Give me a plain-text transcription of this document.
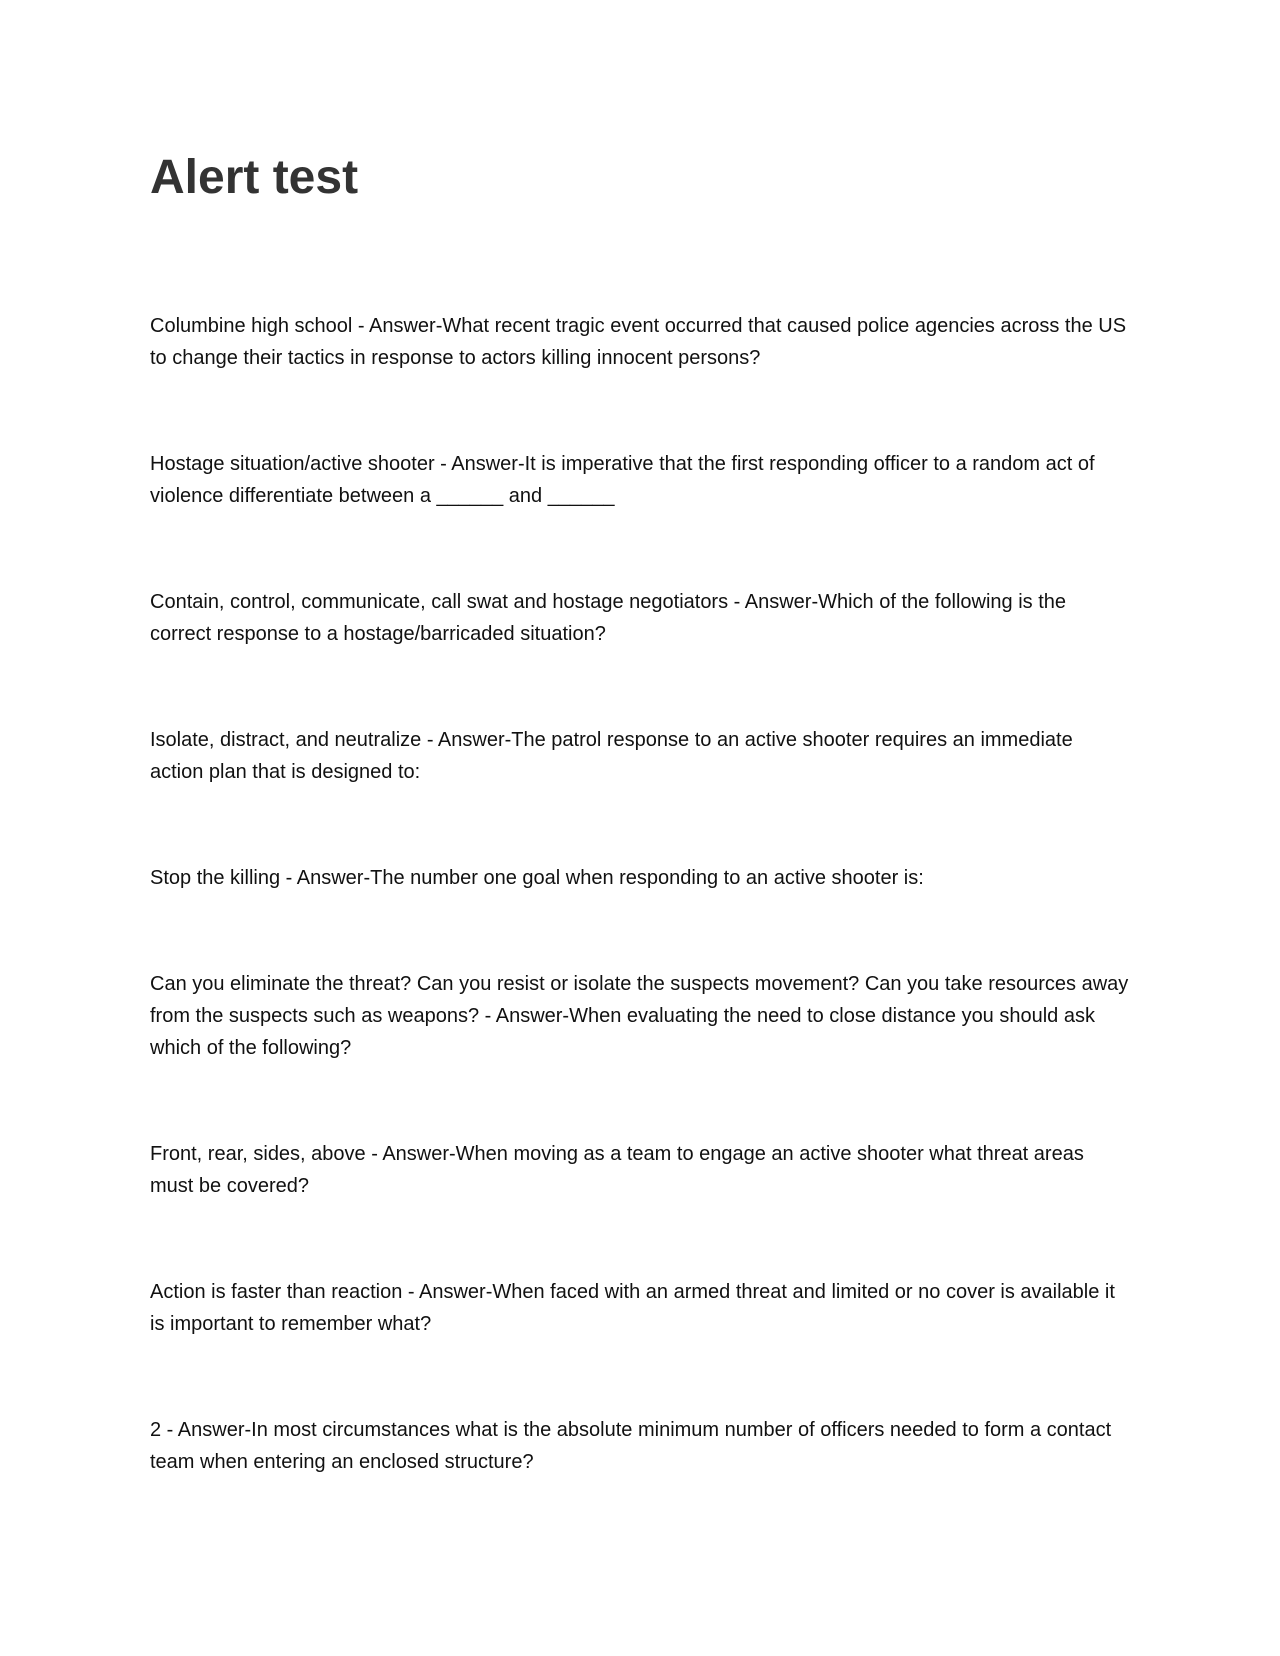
Alert test
Columbine high school - Answer-What recent tragic event occurred that caused police agencies across the US to change their tactics in response to actors killing innocent persons?
Hostage situation/active shooter - Answer-It is imperative that the first responding officer to a random act of violence differentiate between a ______ and ______
Contain, control, communicate, call swat and hostage negotiators - Answer-Which of the following is the correct response to a hostage/barricaded situation?
Isolate, distract, and neutralize - Answer-The patrol response to an active shooter requires an immediate action plan that is designed to:
Stop the killing - Answer-The number one goal when responding to an active shooter is:
Can you eliminate the threat? Can you resist or isolate the suspects movement? Can you take resources away from the suspects such as weapons? - Answer-When evaluating the need to close distance you should ask which of the following?
Front, rear, sides, above - Answer-When moving as a team to engage an active shooter what threat areas must be covered?
Action is faster than reaction - Answer-When faced with an armed threat and limited or no cover is available it is important to remember what?
2 - Answer-In most circumstances what is the absolute minimum number of officers needed to form a contact team when entering an enclosed structure?
